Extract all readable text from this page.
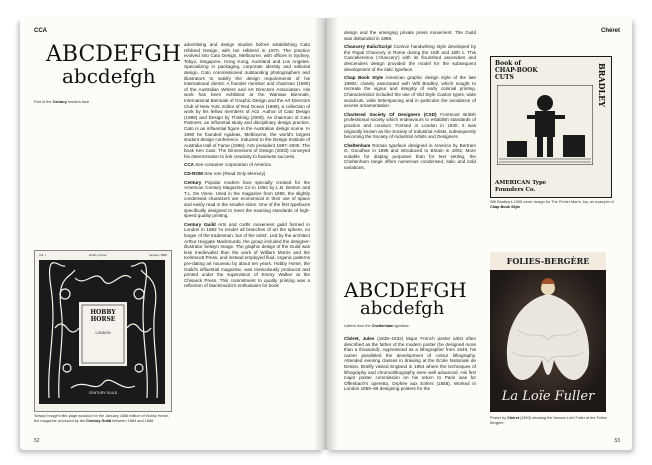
CCA
ABCDEFGH
abcdefgh
Part of the Century modern face

advertising and design studios before establishing Cato Hibberd Design, with Ian Hibberd in 1970. The practice evolved into Cato Design, Melbourne, with offices in Sydney, Tokyo, Singapore, Hong Kong, Auckland and Los Angeles. Specializing in packaging, corporate identity and editorial design, Cato commissioned outstanding photographers and illustrators to satisfy the design requirements of his international clients. A founder member and chairman (1980) of the Australian Writers and Art Directors Association. His work has been exhibited at the Warsaw Biennale, International Biennale of Graphic Design and the Art Directors Club of New York. Editor of Red Ocean (1989), a collection of work by his fellow members of AGI. Author of Cato Design (1995) and Design by Thinking (2000). As chairman of Cato Partners, an influential study and disciplinary design practice, Cato is an influential figure in the Australian design scene. In 1990 he founded Agideas, Melbourne, the world's largest student design conference. Inducted to the Design Institute of Australia Hall of Fame (1996); AGI president 1997–2000. The book Ken Cato: The Dimensions of Design (2003) conveyed his determination to link creativity to business success.

CCA See container corporation of America

CD-ROM See rom (Read Only Memory)

Century Popular modern face specially created for the American Century Magazine Co in 1894 by L.B. Benton and T.L. De Vinne. Used in the magazine from 1895, the slightly condensed characters are economical in their use of space and easily read in the smaller sizes. One of the first typefaces specifically designed to meet the exacting standards of high-speed quality printing.

Century Guild Arts and crafts movement guild formed in London in 1882 'to render all branches of art the sphere, no longer of the tradesman, but of the artist'. Led by the architect Arthur Heygate Mackmurdo, the group included the designer-illustrator Selwyn Image. The graphic design of the Guild was less medievalist than the work of William Morris and the Kelmscott Press, and instead employed fluid, organic patterns pre-dating art nouveau by about ten years. Hobby Horse, the Guild's influential magazine, was meticulously produced and printed under the supervision of Emery Walker at the Chiswick Press. This commitment to quality printing was a reflection of Mackmurdo's enthusiasm for book

Vol. I.	Hobby Horse	January 1886
HOBBY
HORSE
LONDON
CENTURY GUILD
Selwyn Image's title-page woodcut for the January 1886 edition of Hobby Horse, the magazine produced by the Century Guild between 1884 and 1888.
52
Chéret

design and the emerging private press movement. The Guild was disbanded in 1888.

Chancery Italic/Script Cursive handwriting style developed by the Papal Chancery in Rome during the 15th and 16th c. This Cancelleresca ('chancery') with its flourished ascenders and descenders design provided the model for the subsequent development of the italic typeface.

Chap Book Style American graphic design style of the late 1890s, closely associated with Will Bradley, which sought to recreate the vigour and integrity of early colonial printing. Characteristics included the use of Old Style Caslon types, wide woodcuts, wide letterspacing and in particular the avoidance of excess ornamentation.

Chartered Society Of Designers (CSD) Foremost British professional society which endeavours to establish standards of practice and conduct. Formed in London in 1930, it was originally known as the Society of Industrial Artists, subsequently becoming the Society of Industrial Artists and Designers.

Cheltenham Roman typeface designed in America by Bertram G. Goodhue in 1896 and introduced to Britain in 1902. More suitable for display purposes than for text setting, the Cheltenham range offers numerous condensed, italic and bold variations.

ABCDEFGH
abcdefgh
Letters from the Cheltenham typeface.

Chéret, Jules (1836–1932) Major French poster artist often described as the father of the modern poster (he designed more than a thousand). Apprenticed as a lithographer from 1849, his career paralleled the development of colour lithography. Attended evening classes in drawing at the École Nationale de Dessin. Briefly visited England in 1854 where the techniques of lithography and chromolithography were well advanced. His first major poster commission on his return to Paris was for Offenbach's operetta, Orphée aux Enfers (1858). Worked in London 1859–66 designing posters for the

Book of
CHAP-BOOK
CUTS	BRADLEY
AMERICAN Type
Founders Co.
Will Bradley's 1905 cover design for The Printer Man's Joy, an example of Chap Book Style
FOLIES-BERGÈRE
La Loïe Fuller
Poster by Chéret (1893) showing the famous Loïe Fuller at the Folies Bergère.
53
